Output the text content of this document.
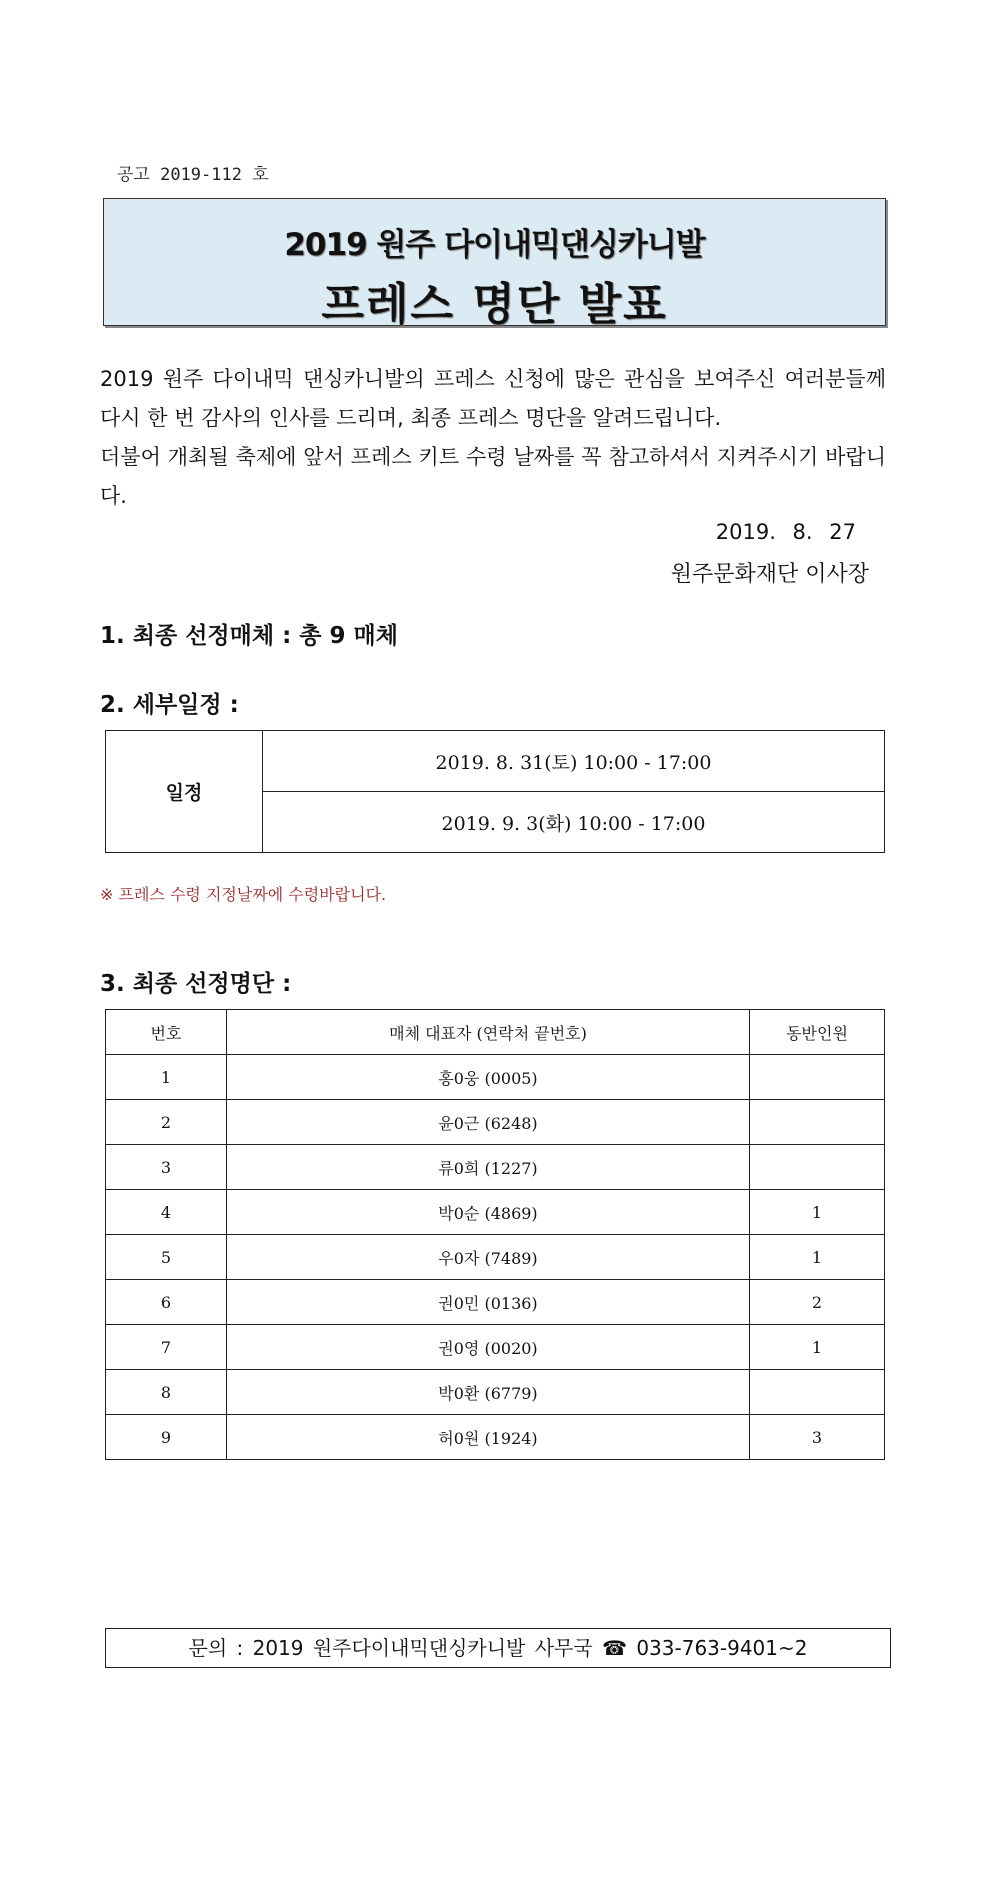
공고 2019-112 호
2019 원주 다이내믹댄싱카니발
프레스 명단 발표

2019 원주 다이내믹 댄싱카니발의 프레스 신청에 많은 관심을 보여주신 여러분들께 다시 한 번 감사의 인사를 드리며, 최종 프레스 명단을 알려드립니다.

더불어 개최될 축제에 앞서 프레스 키트 수령 날짜를 꼭 참고하셔서 지켜주시기 바랍니다.

2019. 8. 27
원주문화재단 이사장
1. 최종 선정매체 : 총 9 매체
2. 세부일정 :
일정	2019. 8. 31(토) 10:00 - 17:00
2019. 9. 3(화) 10:00 - 17:00
※ 프레스 수령 지정날짜에 수령바랍니다.
3. 최종 선정명단 :
번호	매체 대표자 (연락처 끝번호)	동반인원
1	홍0웅 (0005)	
2	윤0근 (6248)	
3	류0희 (1227)	
4	박0순 (4869)	1
5	우0자 (7489)	1
6	권0민 (0136)	2
7	권0영 (0020)	1
8	박0환 (6779)	
9	허0원 (1924)	3
문의 : 2019 원주다이내믹댄싱카니발 사무국 ☎ 033-763-9401~2
